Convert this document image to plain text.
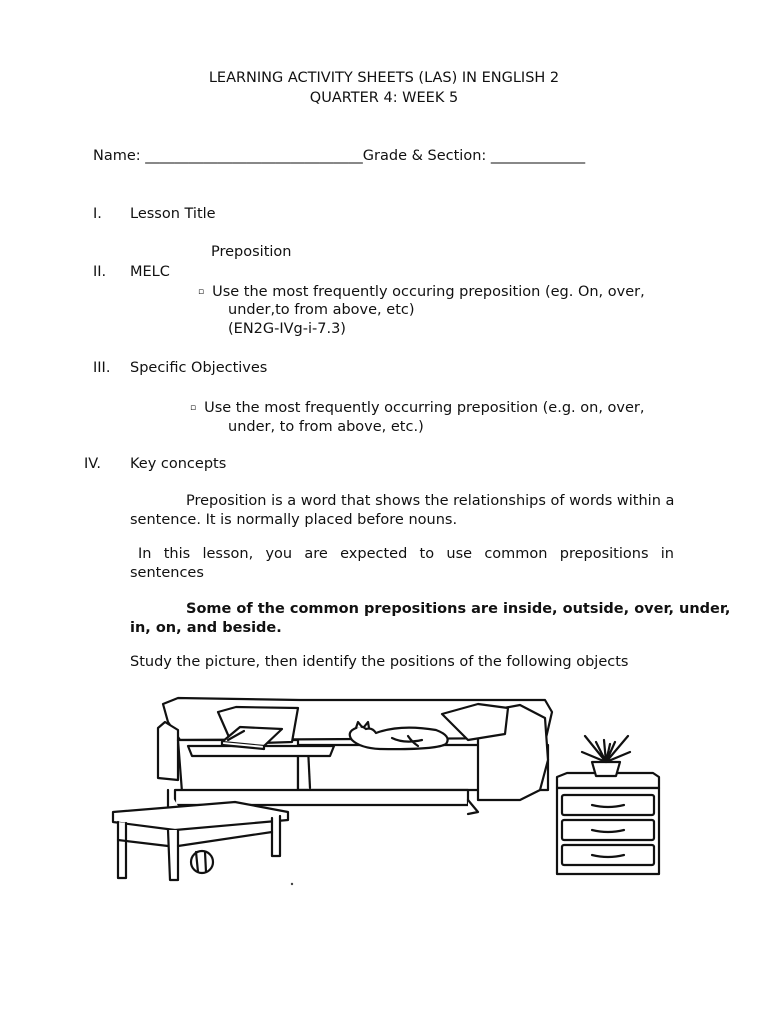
LEARNING ACTIVITY SHEETS (LAS) IN ENGLISH 2
QUARTER 4: WEEK 5
Name: ______________________________Grade & Section: _____________
I. Lesson Title
Preposition
II. MELC
▫ Use the most frequently occuring preposition (eg. On, over,
under,to from above, etc)
(EN2G-IVg-i-7.3)
III. Specific Objectives
▫ Use the most frequently occurring preposition (e.g. on, over,
under, to from above, etc.)
IV. Key concepts
Preposition is a word that shows the relationships of words within a
sentence. It is normally placed before nouns.
In this lesson, you are expected to use common prepositions in
sentences
Some of the common prepositions are inside, outside, over, under,
in, on, and beside.
Study the picture, then identify the positions of the following objects
